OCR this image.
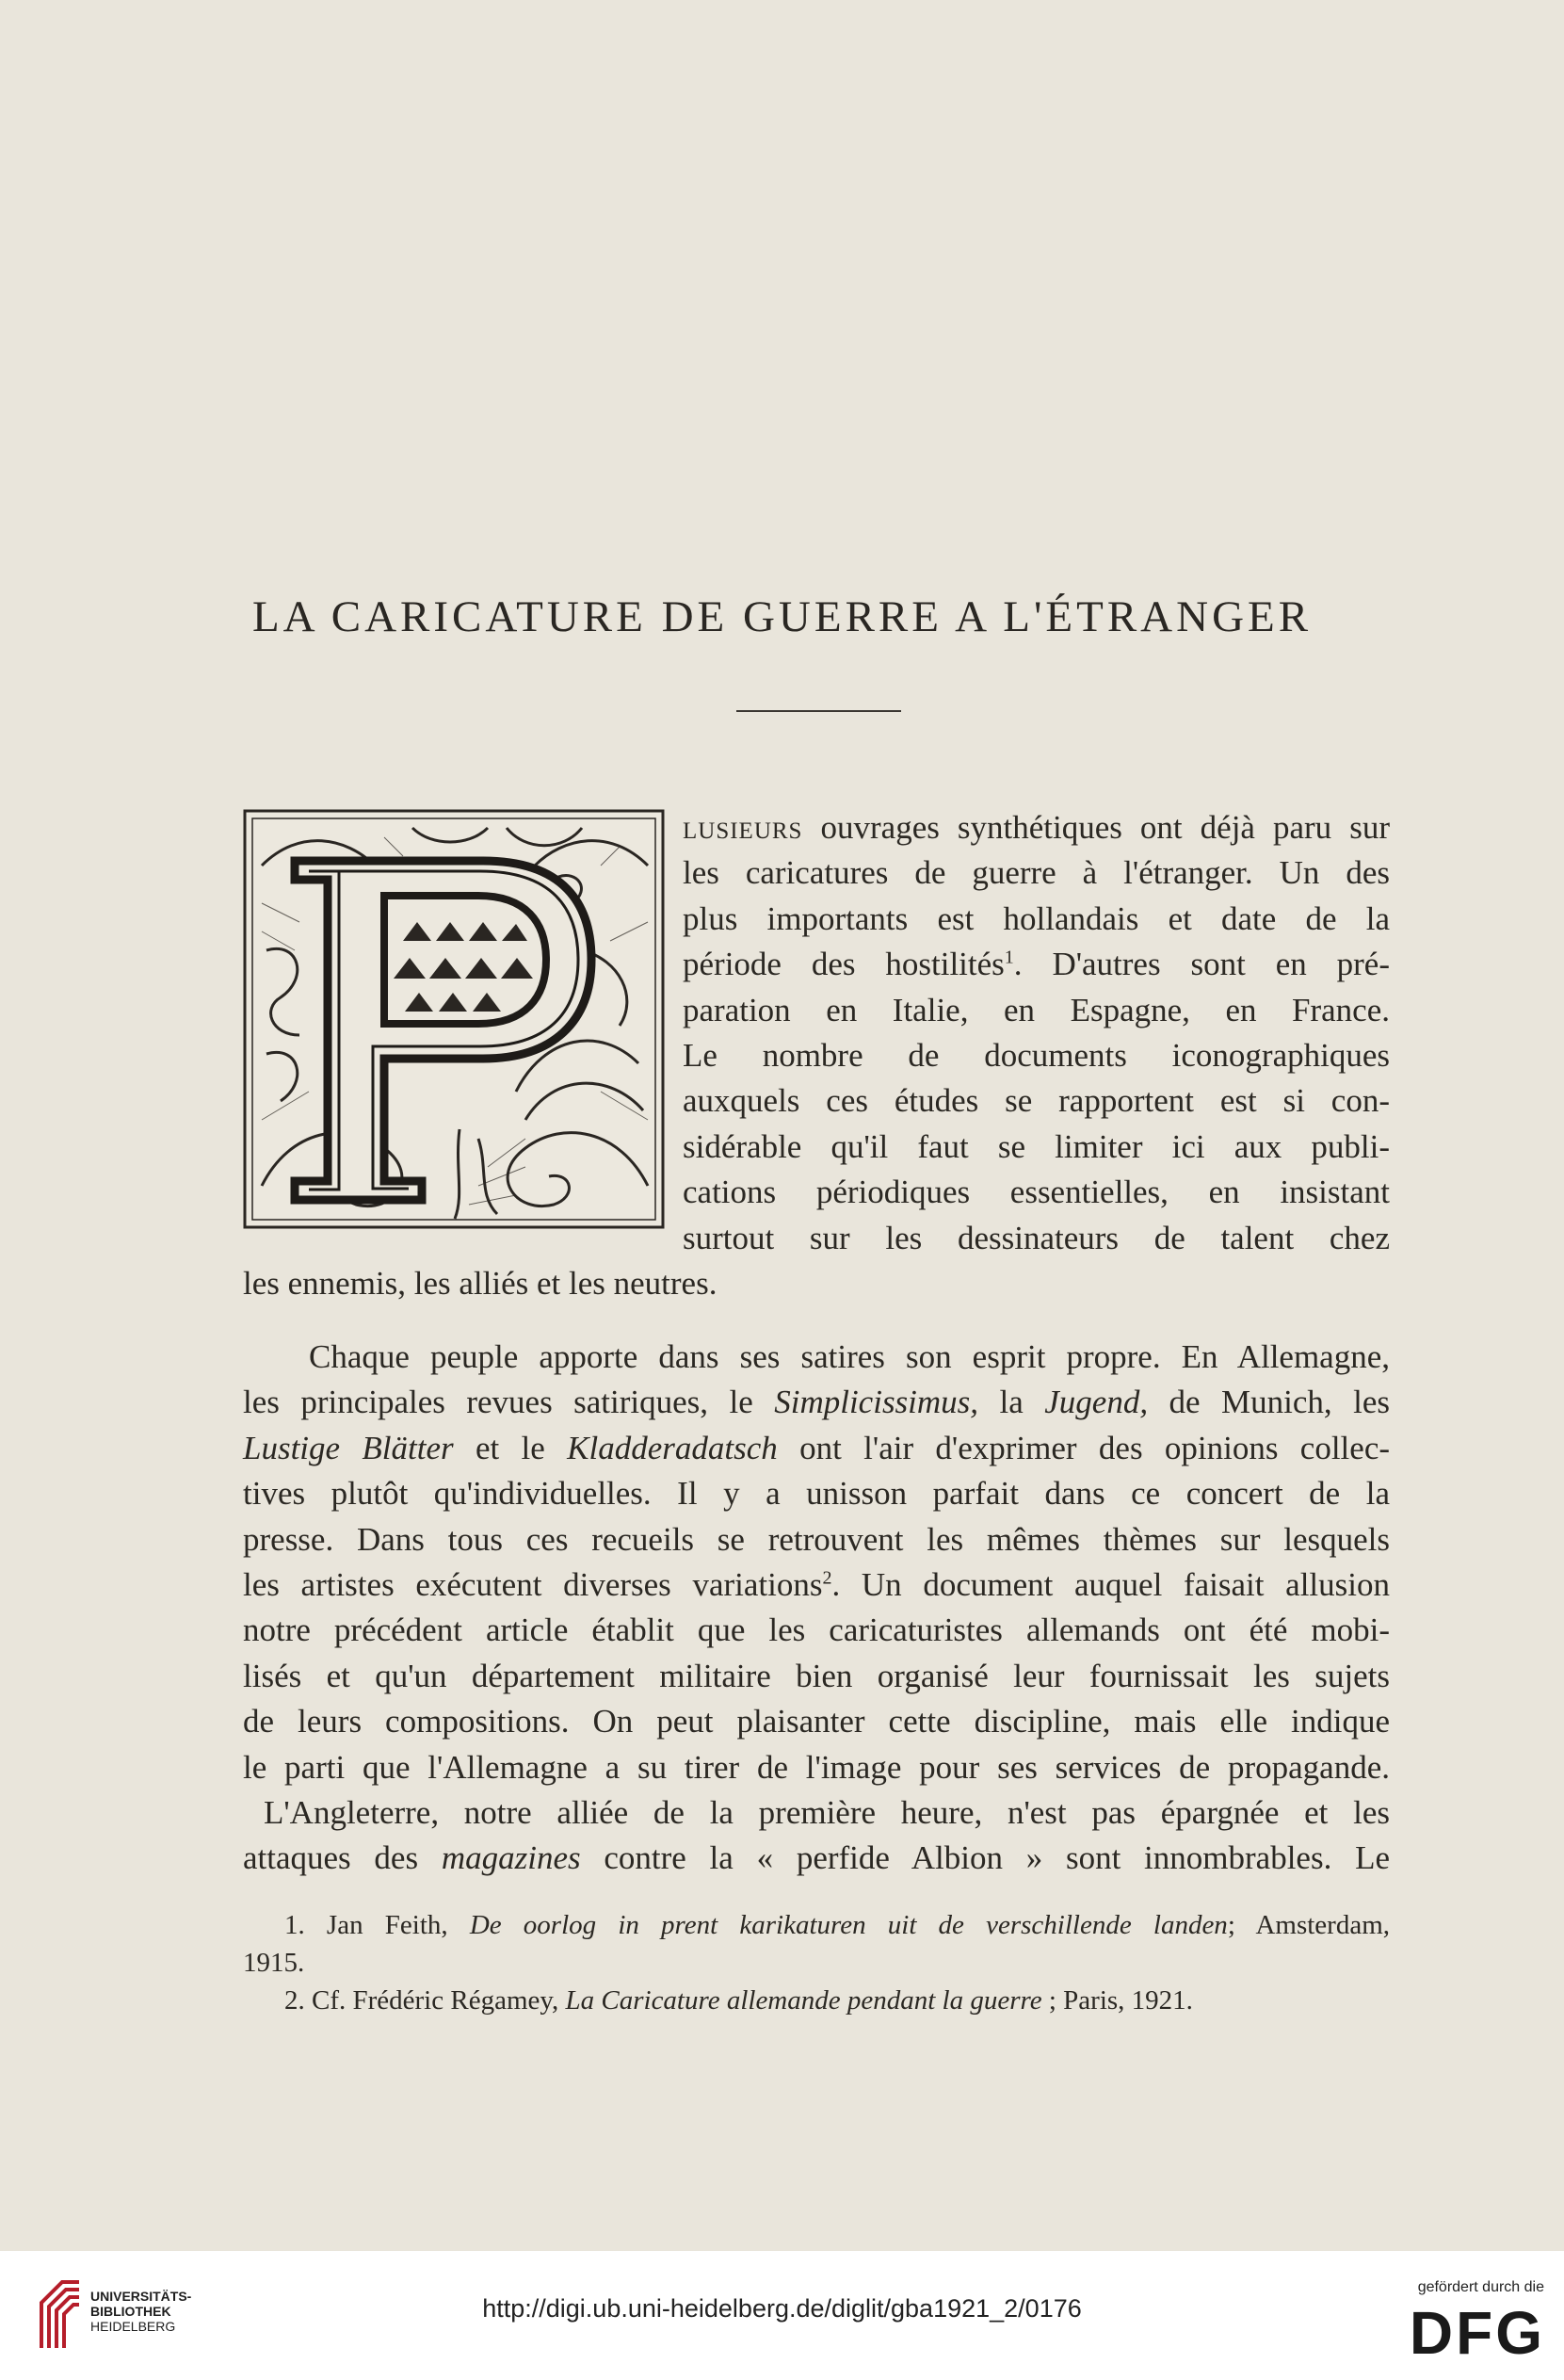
LA CARICATURE DE GUERRE A L'ÉTRANGER
lusieurs ouvrages synthétiques ont déjà paru sur
les caricatures de guerre à l'étranger. Un des
plus importants est hollandais et date de la
période des hostilités$^1$. D'autres sont en pré-
paration en Italie, en Espagne, en France.
Le nombre de documents iconographiques
auxquels ces études se rapportent est si con-
sidérable qu'il faut se limiter ici aux publi-
cations périodiques essentielles, en insistant
surtout sur les dessinateurs de talent chez
les ennemis, les alliés et les neutres.
Chaque peuple apporte dans ses satires son esprit propre. En Allemagne,
les principales revues satiriques, le Simplicissimus, la Jugend, de Munich, les
Lustige Blätter et le Kladderadatsch ont l'air d'exprimer des opinions collec-
tives plutôt qu'individuelles. Il y a unisson parfait dans ce concert de la
presse. Dans tous ces recueils se retrouvent les mêmes thèmes sur lesquels
les artistes exécutent diverses variations$^2$. Un document auquel faisait allusion
notre précédent article établit que les caricaturistes allemands ont été mobi-
lisés et qu'un département militaire bien organisé leur fournissait les sujets
de leurs compositions. On peut plaisanter cette discipline, mais elle indique
le parti que l'Allemagne a su tirer de l'image pour ses services de propagande.
L'Angleterre, notre alliée de la première heure, n'est pas épargnée et les
attaques des magazines contre la « perfide Albion » sont innombrables. Le
1. Jan Feith, De oorlog in prent karikaturen uit de verschillende landen; Amsterdam,
1915.
2. Cf. Frédéric Régamey, La Caricature allemande pendant la guerre ; Paris, 1921.
UNIVERSITÄTS-
BIBLIOTHEK
HEIDELBERG
http://digi.ub.uni-heidelberg.de/diglit/gba1921_2/0176
gefördert durch die
DFG
